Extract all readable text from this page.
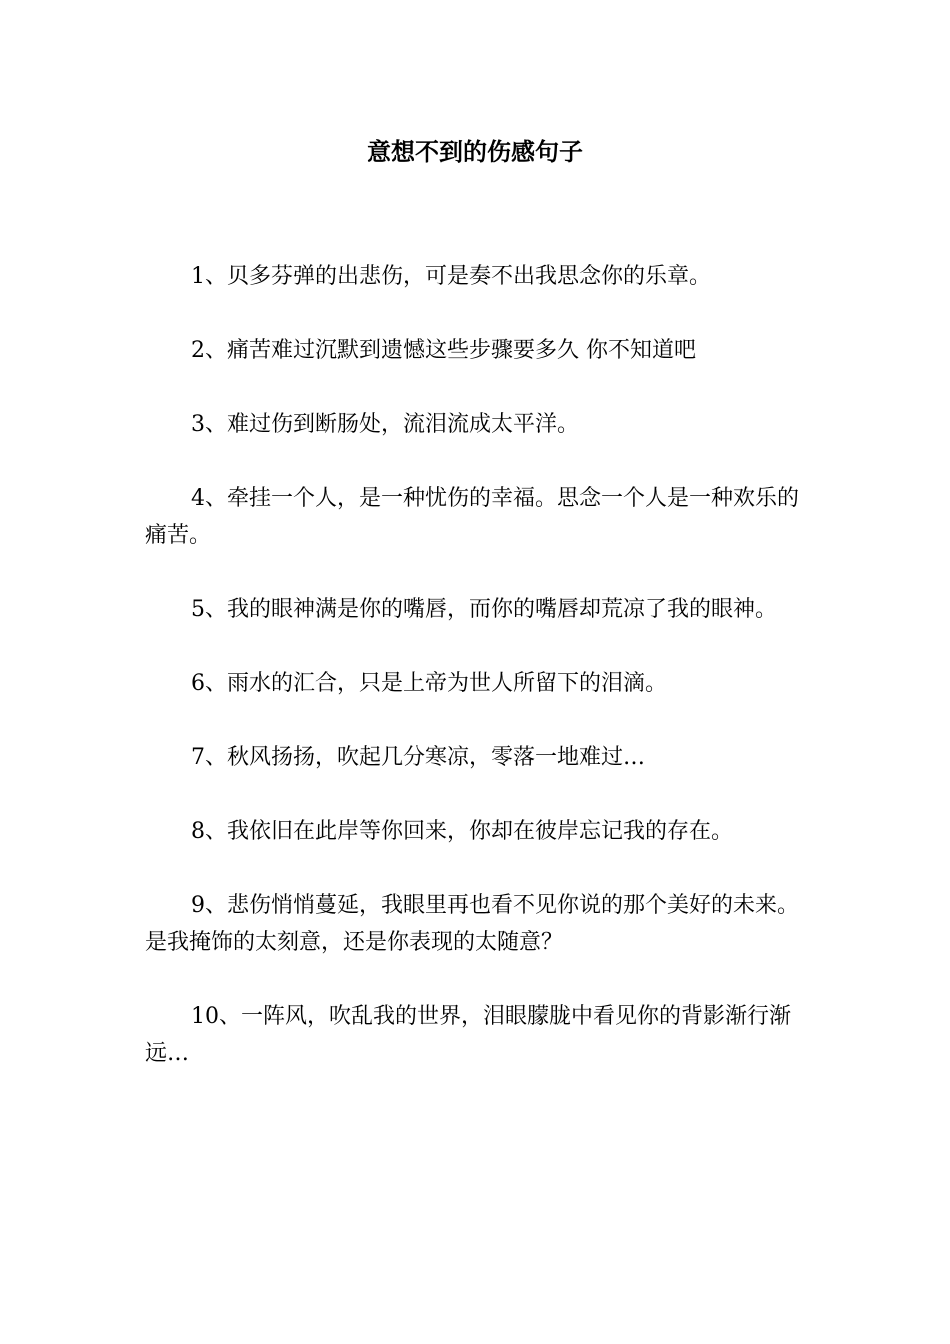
意想不到的伤感句子

1、贝多芬弹的出悲伤，可是奏不出我思念你的乐章。

2、痛苦难过沉默到遗憾这些步骤要多久 你不知道吧

3、难过伤到断肠处，流泪流成太平洋。

4、牵挂一个人，是一种忧伤的幸福。思念一个人是一种欢乐的痛苦。

5、我的眼神满是你的嘴唇，而你的嘴唇却荒凉了我的眼神。

6、雨水的汇合，只是上帝为世人所留下的泪滴。

7、秋风扬扬，吹起几分寒凉，零落一地难过…

8、我依旧在此岸等你回来，你却在彼岸忘记我的存在。

9、悲伤悄悄蔓延，我眼里再也看不见你说的那个美好的未来。是我掩饰的太刻意，还是你表现的太随意？

10、一阵风，吹乱我的世界，泪眼朦胧中看见你的背影渐行渐远…
